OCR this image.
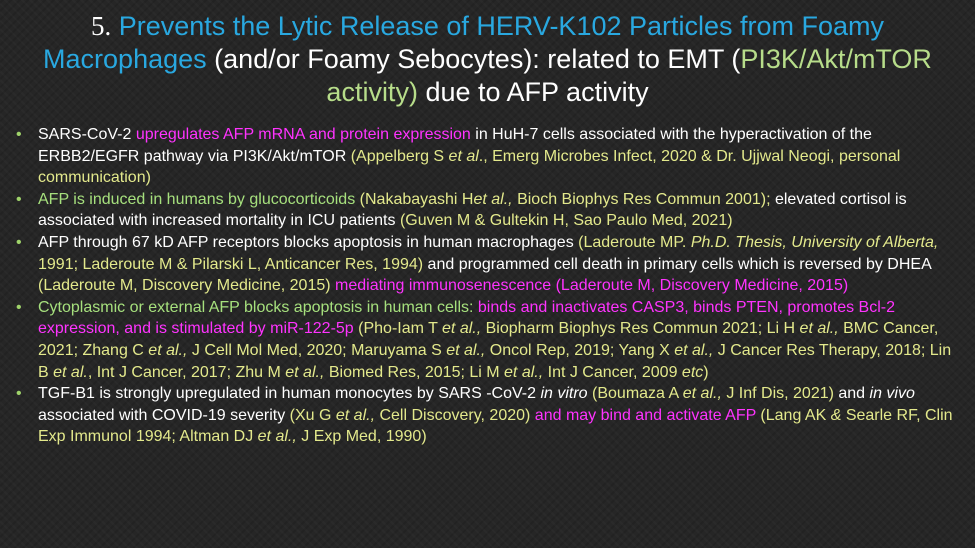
5. Prevents the Lytic Release of HERV-K102 Particles from Foamy Macrophages (and/or Foamy Sebocytes): related to EMT (PI3K/Akt/mTOR activity) due to AFP activity
• SARS-CoV-2 upregulates AFP mRNA and protein expression in HuH-7 cells associated with the hyperactivation of the ERBB2/EGFR pathway via PI3K/Akt/mTOR (Appelberg S et al., Emerg Microbes Infect, 2020 & Dr. Ujjwal Neogi, personal communication)
• AFP is induced in humans by glucocorticoids (Nakabayashi Het al., Bioch Biophys Res Commun 2001); elevated cortisol is associated with increased mortality in ICU patients (Guven M & Gultekin H, Sao Paulo Med, 2021)
• AFP through 67 kD AFP receptors blocks apoptosis in human macrophages (Laderoute MP. Ph.D. Thesis, University of Alberta, 1991; Laderoute M & Pilarski L, Anticancer Res, 1994) and programmed cell death in primary cells which is reversed by DHEA (Laderoute M, Discovery Medicine, 2015) mediating immunosenescence (Laderoute M, Discovery Medicine, 2015)
• Cytoplasmic or external AFP blocks apoptosis in human cells: binds and inactivates CASP3, binds PTEN, promotes Bcl-2 expression, and is stimulated by miR-122-5p (Pho-Iam T et al., Biopharm Biophys Res Commun 2021; Li H et al., BMC Cancer, 2021; Zhang C et al., J Cell Mol Med, 2020; Maruyama S et al., Oncol Rep, 2019; Yang X et al., J Cancer Res Therapy, 2018; Lin B et al., Int J Cancer, 2017; Zhu M et al., Biomed Res, 2015; Li M et al., Int J Cancer, 2009 etc)
• TGF-B1 is strongly upregulated in human monocytes by SARS -CoV-2 in vitro (Boumaza A et al., J Inf Dis, 2021) and in vivo associated with COVID-19 severity (Xu G et al., Cell Discovery, 2020) and may bind and activate AFP (Lang AK & Searle RF, Clin Exp Immunol 1994; Altman DJ et al., J Exp Med, 1990)
